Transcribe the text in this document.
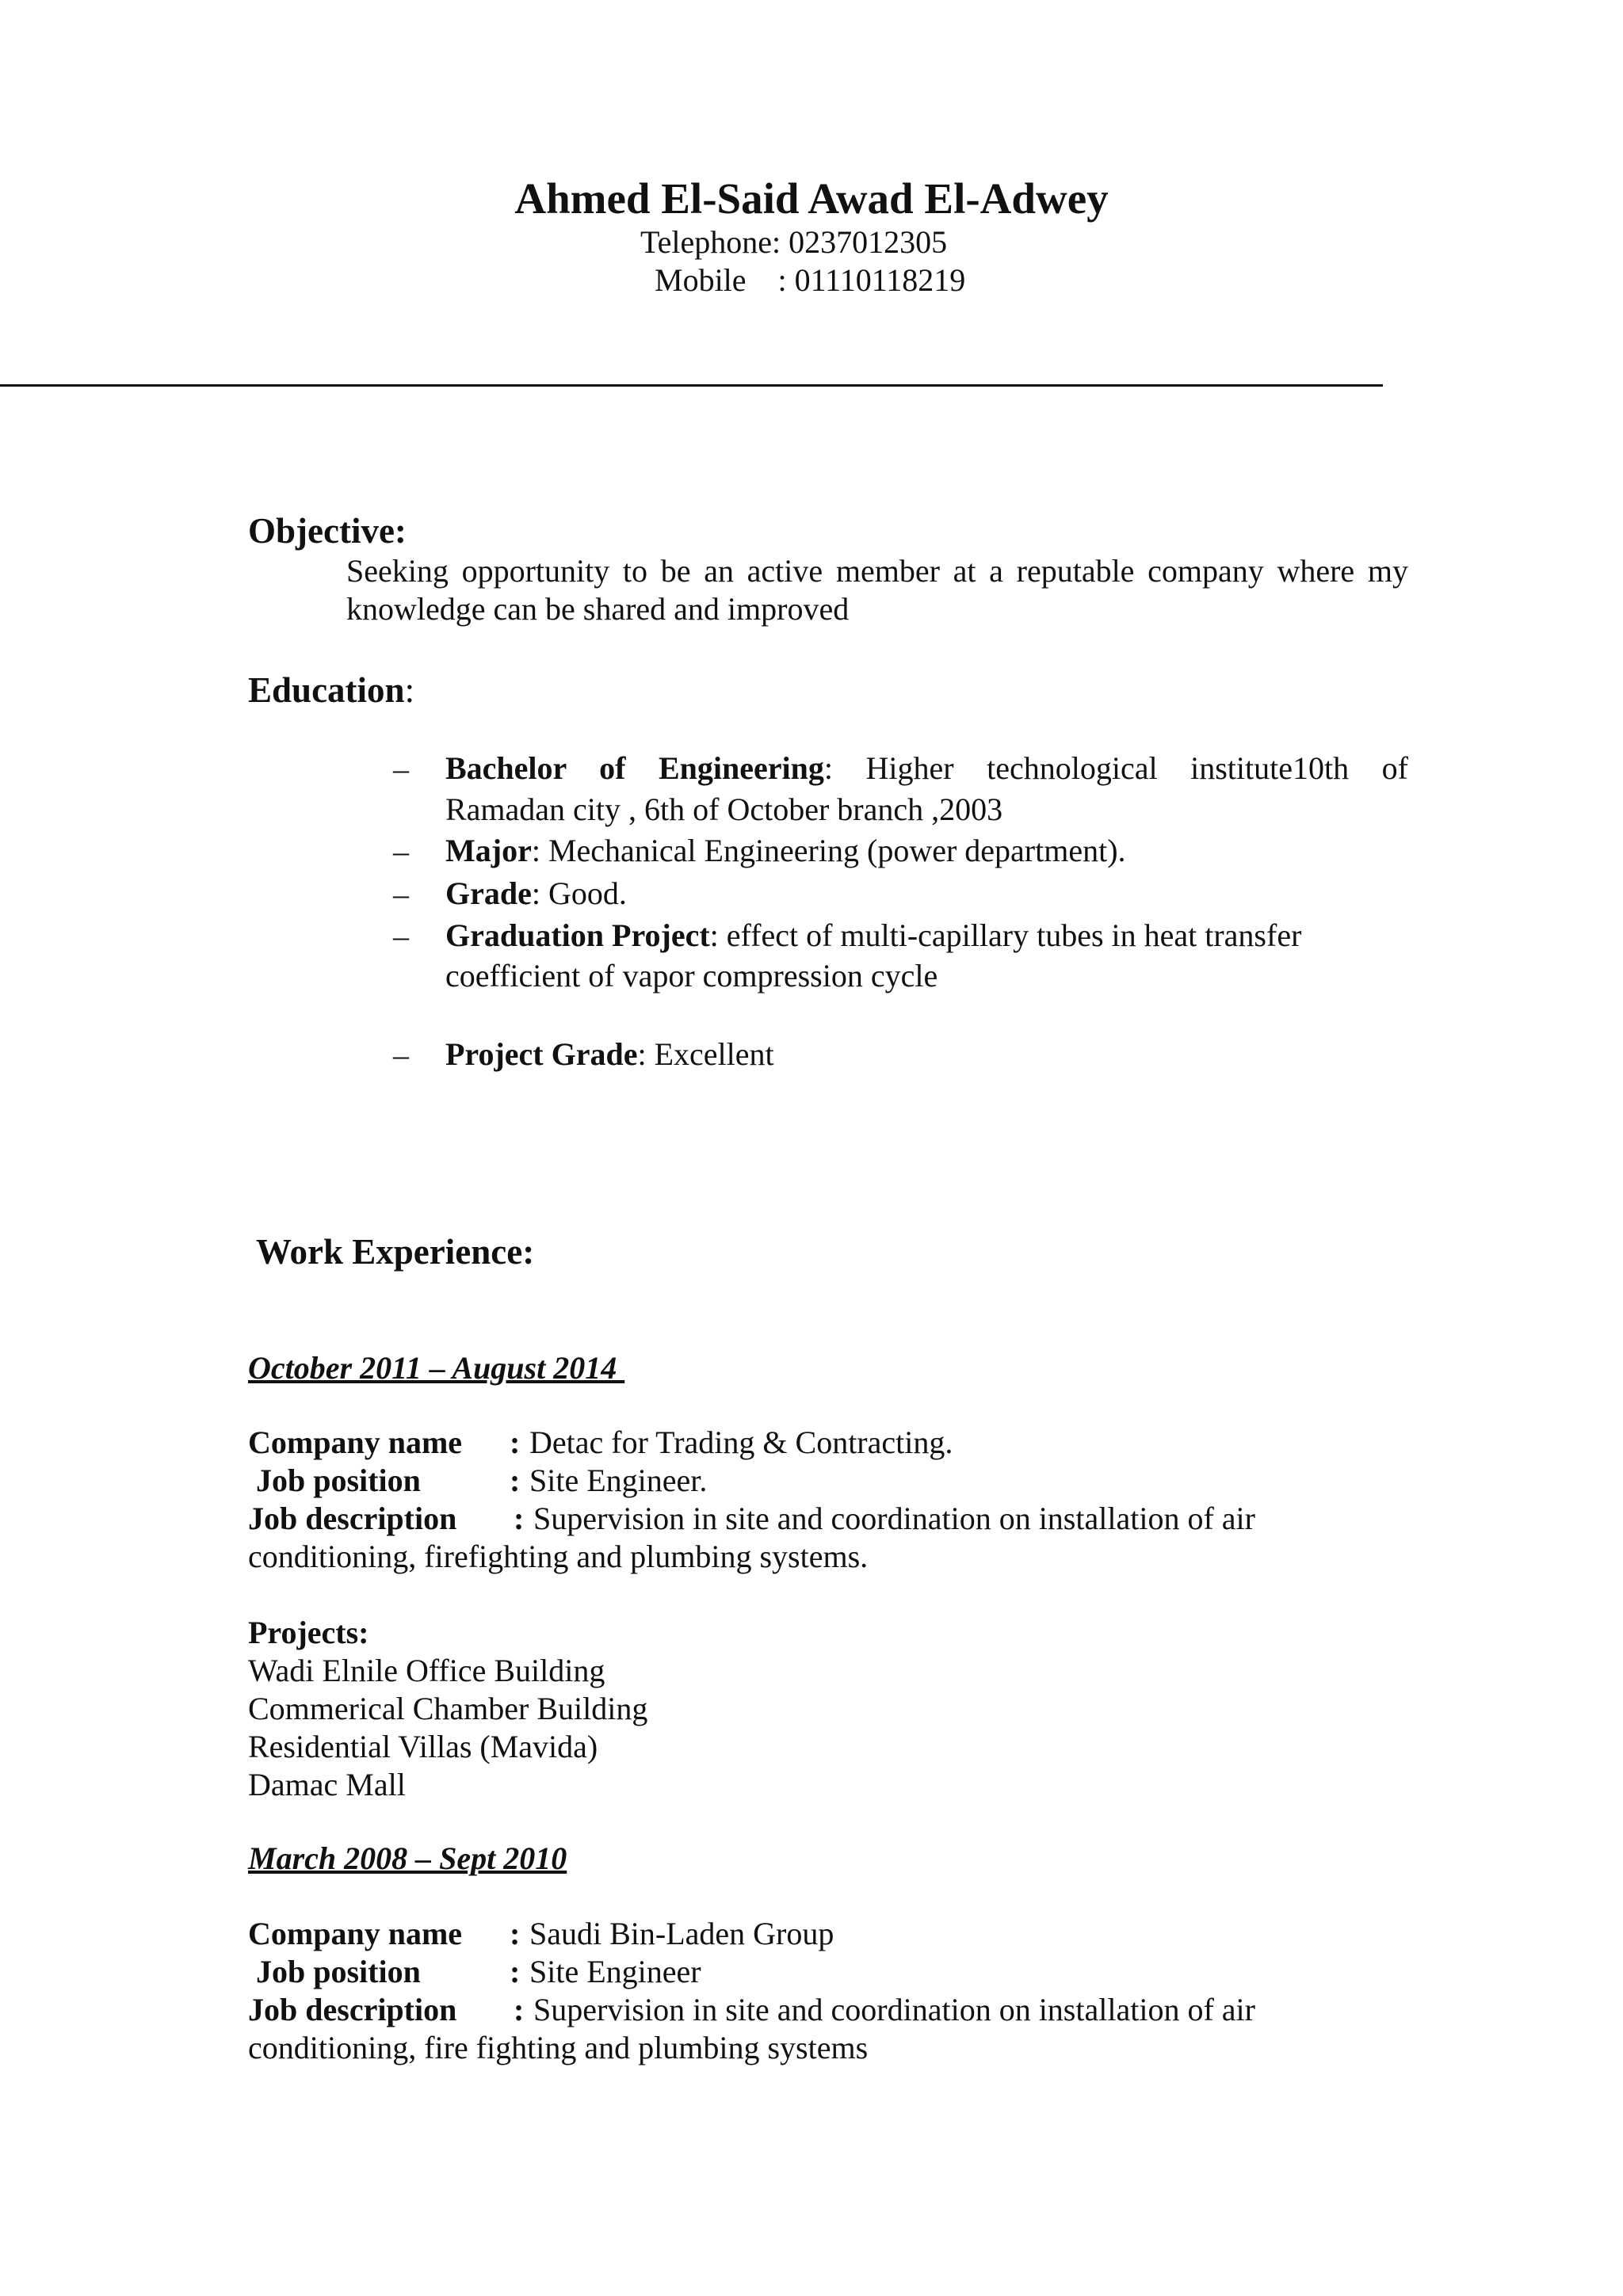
Ahmed El-Said Awad El-Adwey
Telephone: 0237012305
Mobile : 01110118219
Objective:
Seeking opportunity to be an active member at a reputable company where my
knowledge can be shared and improved
Education:
– Bachelor of Engineering: Higher technological institute10th of
Ramadan city , 6th of October branch ,2003
– Major: Mechanical Engineering (power department).
– Grade: Good.
– Graduation Project: effect of multi-capillary tubes in heat transfer
coefficient of vapor compression cycle
– Project Grade: Excellent
Work Experience:
October 2011 – August 2014
Company name : Detac for Trading & Contracting.
Job position	: Site Engineer.
Job description : Supervision in site and coordination on installation of air
conditioning, firefighting and plumbing systems.
Projects:
Wadi Elnile Office Building
Commerical Chamber Building
Residential Villas (Mavida)
Damac Mall
March 2008 – Sept 2010
Company name : Saudi Bin-Laden Group
Job position	: Site Engineer
Job description : Supervision in site and coordination on installation of air
conditioning, fire fighting and plumbing systems
